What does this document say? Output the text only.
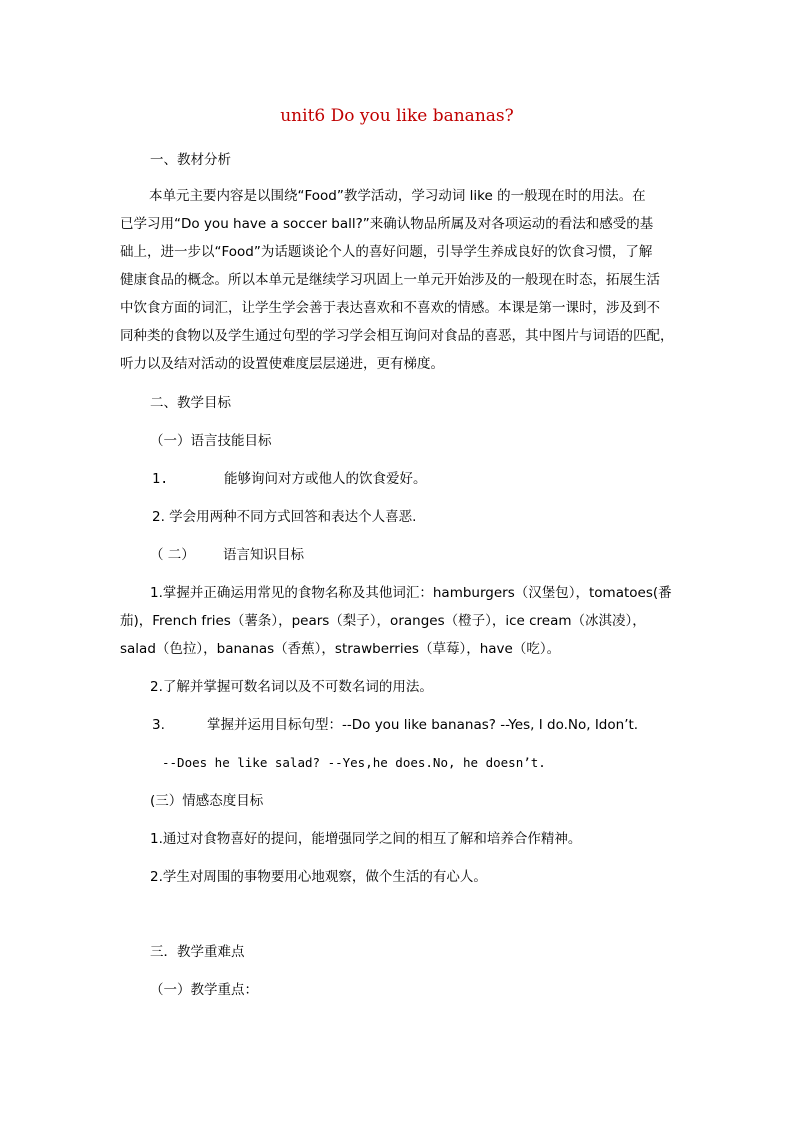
unit6 Do you like bananas?
一、教材分析
本单元主要内容是以围绕“Food”教学活动，学习动词 like 的一般现在时的用法。在
已学习用“Do you have a soccer ball?”来确认物品所属及对各项运动的看法和感受的基
础上，进一步以“Food”为话题谈论个人的喜好问题，引导学生养成良好的饮食习惯，了解
健康食品的概念。所以本单元是继续学习巩固上一单元开始涉及的一般现在时态，拓展生活
中饮食方面的词汇，让学生学会善于表达喜欢和不喜欢的情感。本课是第一课时，涉及到不
同种类的食物以及学生通过句型的学习学会相互询问对食品的喜恶，其中图片与词语的匹配，
听力以及结对活动的设置使难度层层递进，更有梯度。
二、教学目标
（一）语言技能目标
1.	能够询问对方或他人的饮食爱好。
2. 学会用两种不同方式回答和表达个人喜恶.
（ 二） 语言知识目标
1.掌握并正确运用常见的食物名称及其他词汇：hamburgers（汉堡包），tomatoes(番
茄)，French fries（薯条），pears（梨子），oranges（橙子），ice cream（冰淇凌），
salad（色拉），bananas（香蕉），strawberries（草莓），have（吃）。
2.了解并掌握可数名词以及不可数名词的用法。
3.	掌握并运用目标句型：--Do you like bananas? --Yes, I do.No, Idon’t.
--Does he like salad? --Yes,he does.No, he doesn’t.
(三）情感态度目标
1.通过对食物喜好的提问，能增强同学之间的相互了解和培养合作精神。
2.学生对周围的事物要用心地观察，做个生活的有心人。
三．教学重难点
（一）教学重点：
